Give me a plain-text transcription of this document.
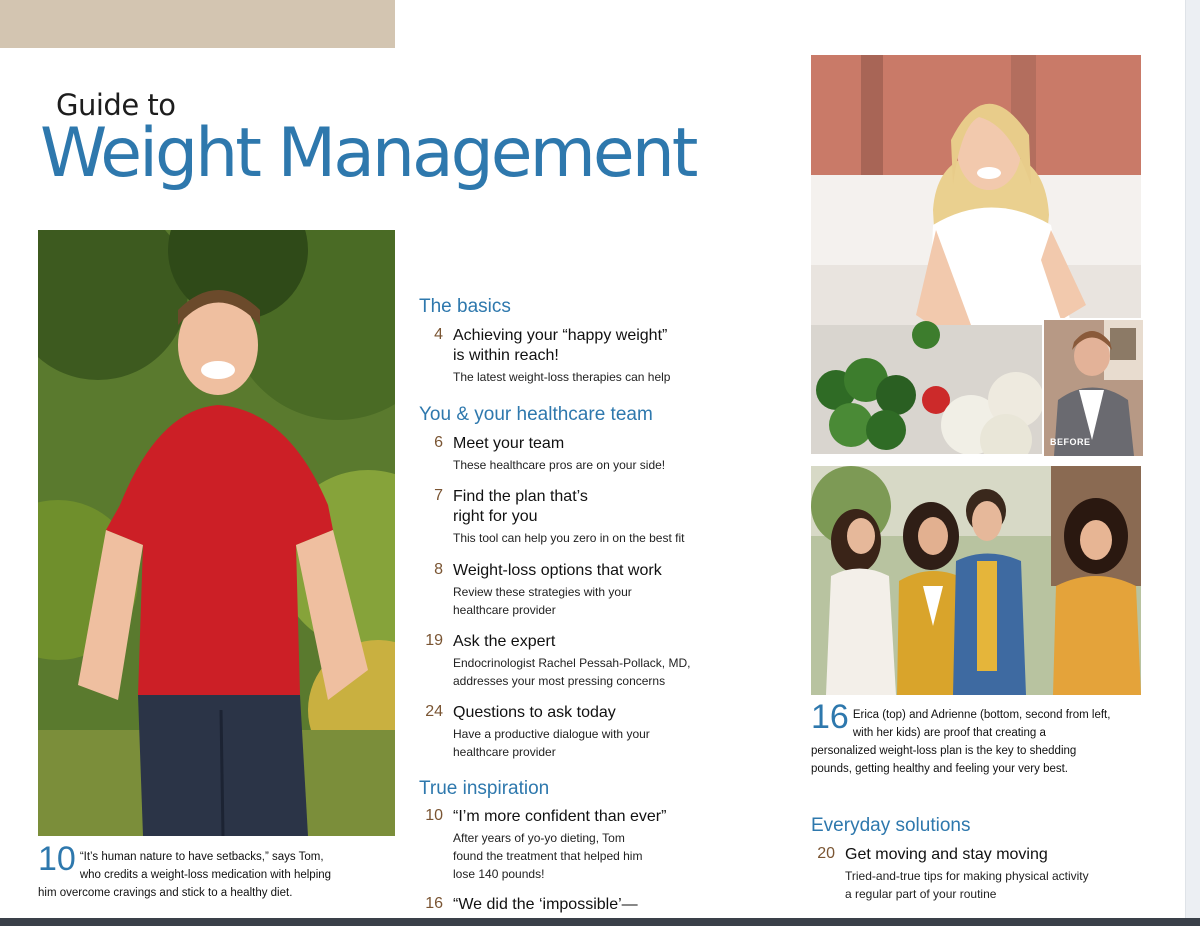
Guide to
Weight Management
BEFORE
The basics
4 Achieving your “happy weight”
is within reach!
The latest weight-loss therapies can help
You & your healthcare team
6 Meet your team
These healthcare pros are on your side!
7 Find the plan that’s
right for you
This tool can help you zero in on the best fit
8 Weight-loss options that work
Review these strategies with your
healthcare provider
19 Ask the expert
Endocrinologist Rachel Pessah-Pollack, MD,
addresses your most pressing concerns
24 Questions to ask today
Have a productive dialogue with your
healthcare provider
True inspiration
10 “I’m more confident than ever”
After years of yo-yo dieting, Tom
found the treatment that helped him
lose 140 pounds!
16 “We did the ‘impossible’—
Everyday solutions
20 Get moving and stay moving
Tried-and-true tips for making physical activity
a regular part of your routine
10 “It’s human nature to have setbacks,” says Tom, who credits a weight-loss medication with helping him overcome cravings and stick to a healthy diet.
16 Erica (top) and Adrienne (bottom, second from left, with her kids) are proof that creating a personalized weight-loss plan is the key to shedding pounds, getting healthy and feeling your very best.
